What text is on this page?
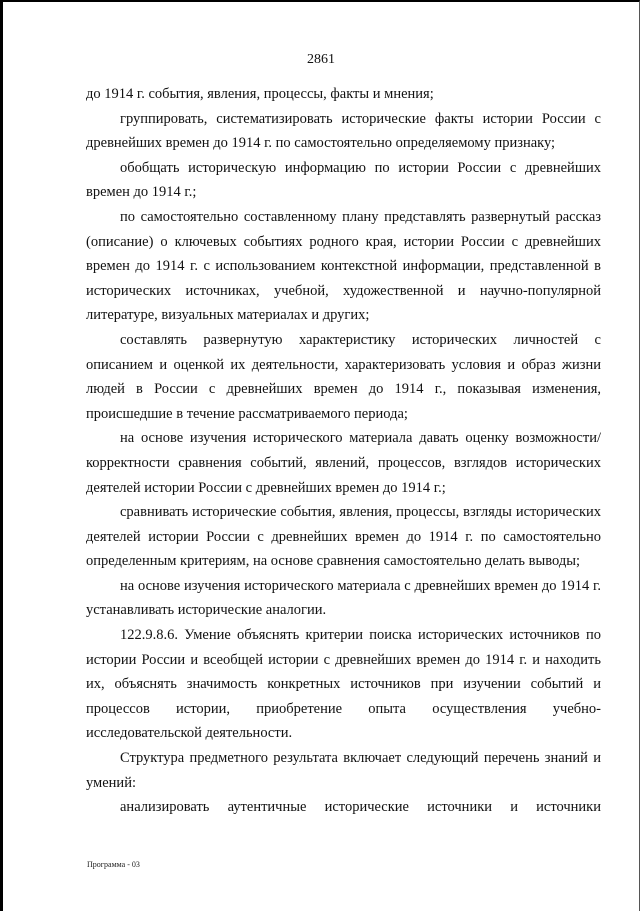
2861

до 1914 г. события, явления, процессы, факты и мнения;

группировать, систематизировать исторические факты истории России с древнейших времен до 1914 г. по самостоятельно определяемому признаку;

обобщать историческую информацию по истории России с древнейших времен до 1914 г.;

по самостоятельно составленному плану представлять развернутый рассказ (описание) о ключевых событиях родного края, истории России с древнейших времен до 1914 г. с использованием контекстной информации, представленной в исторических источниках, учебной, художественной и научно-популярной литературе, визуальных материалах и других;

составлять развернутую характеристику исторических личностей с описанием и оценкой их деятельности, характеризовать условия и образ жизни людей в России с древнейших времен до 1914 г., показывая изменения, происшедшие в течение рассматриваемого периода;

на основе изучения исторического материала давать оценку возможности/корректности сравнения событий, явлений, процессов, взглядов исторических деятелей истории России с древнейших времен до 1914 г.;

сравнивать исторические события, явления, процессы, взгляды исторических деятелей истории России с древнейших времен до 1914 г. по самостоятельно определенным критериям, на основе сравнения самостоятельно делать выводы;

на основе изучения исторического материала с древнейших времен до 1914 г. устанавливать исторические аналогии.

122.9.8.6. Умение объяснять критерии поиска исторических источников по истории России и всеобщей истории с древнейших времен до 1914 г. и находить их, объяснять значимость конкретных источников при изучении событий и процессов истории, приобретение опыта осуществления учебно-исследовательской деятельности.

Структура предметного результата включает следующий перечень знаний и умений:

анализировать аутентичные исторические источники и источники

Программа - 03
